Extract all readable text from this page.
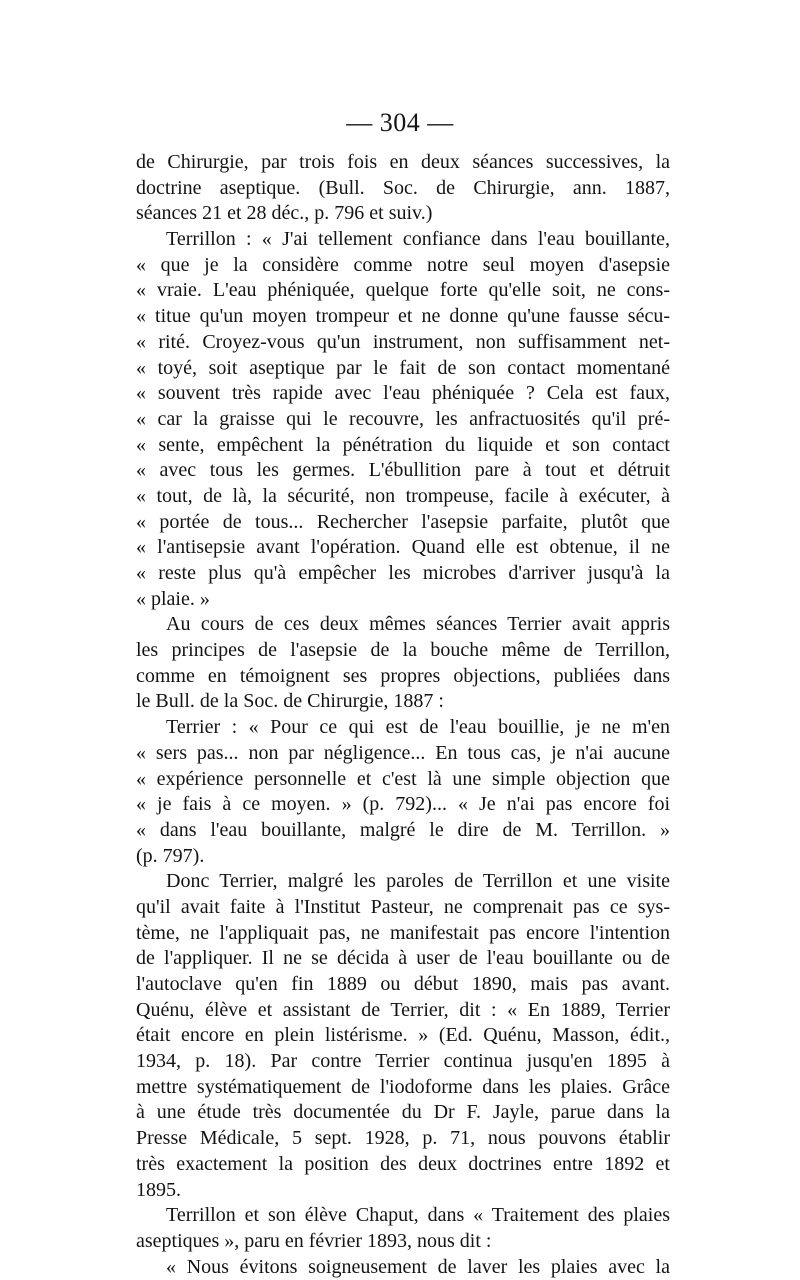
— 304 —
de Chirurgie, par trois fois en deux séances successives, la
doctrine aseptique. (Bull. Soc. de Chirurgie, ann. 1887,
séances 21 et 28 déc., p. 796 et suiv.)
Terrillon : « J'ai tellement confiance dans l'eau bouillante,
« que je la considère comme notre seul moyen d'asepsie
« vraie. L'eau phéniquée, quelque forte qu'elle soit, ne cons-
« titue qu'un moyen trompeur et ne donne qu'une fausse sécu-
« rité. Croyez-vous qu'un instrument, non suffisamment net-
« toyé, soit aseptique par le fait de son contact momentané
« souvent très rapide avec l'eau phéniquée ? Cela est faux,
« car la graisse qui le recouvre, les anfractuosités qu'il pré-
« sente, empêchent la pénétration du liquide et son contact
« avec tous les germes. L'ébullition pare à tout et détruit
« tout, de là, la sécurité, non trompeuse, facile à exécuter, à
« portée de tous... Rechercher l'asepsie parfaite, plutôt que
« l'antisepsie avant l'opération. Quand elle est obtenue, il ne
« reste plus qu'à empêcher les microbes d'arriver jusqu'à la
« plaie. »
Au cours de ces deux mêmes séances Terrier avait appris
les principes de l'asepsie de la bouche même de Terrillon,
comme en témoignent ses propres objections, publiées dans
le Bull. de la Soc. de Chirurgie, 1887 :
Terrier : « Pour ce qui est de l'eau bouillie, je ne m'en
« sers pas... non par négligence... En tous cas, je n'ai aucune
« expérience personnelle et c'est là une simple objection que
« je fais à ce moyen. » (p. 792)... « Je n'ai pas encore foi
« dans l'eau bouillante, malgré le dire de M. Terrillon. »
(p. 797).
Donc Terrier, malgré les paroles de Terrillon et une visite
qu'il avait faite à l'Institut Pasteur, ne comprenait pas ce sys-
tème, ne l'appliquait pas, ne manifestait pas encore l'intention
de l'appliquer. Il ne se décida à user de l'eau bouillante ou de
l'autoclave qu'en fin 1889 ou début 1890, mais pas avant.
Quénu, élève et assistant de Terrier, dit : « En 1889, Terrier
était encore en plein listérisme. » (Ed. Quénu, Masson, édit.,
1934, p. 18). Par contre Terrier continua jusqu'en 1895 à
mettre systématiquement de l'iodoforme dans les plaies. Grâce
à une étude très documentée du Dr F. Jayle, parue dans la
Presse Médicale, 5 sept. 1928, p. 71, nous pouvons établir
très exactement la position des deux doctrines entre 1892 et
1895.
Terrillon et son élève Chaput, dans « Traitement des plaies
aseptiques », paru en février 1893, nous dit :
« Nous évitons soigneusement de laver les plaies avec la
